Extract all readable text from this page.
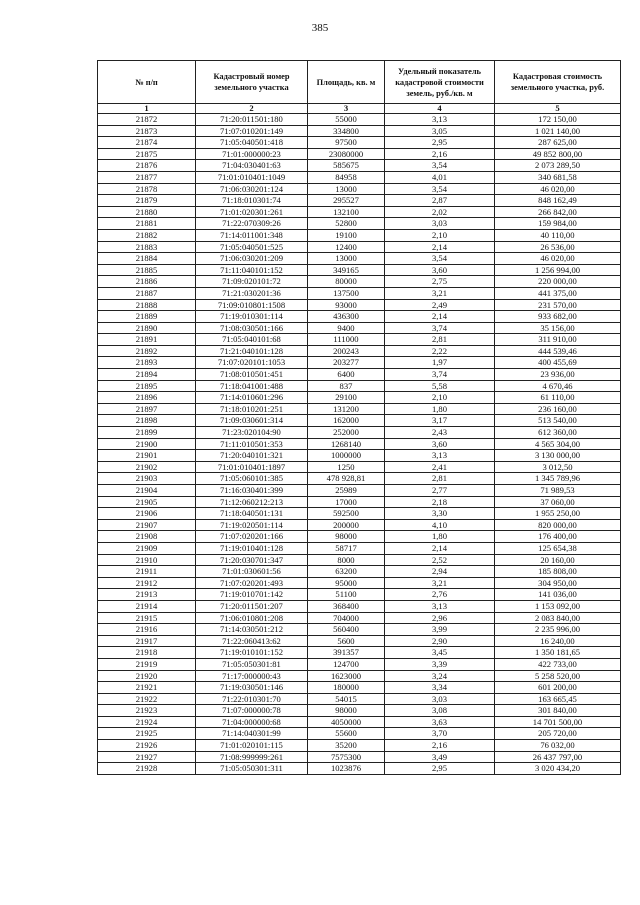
385
№ п/п	Кадастровый номер земельного участка	Площадь, кв. м	Удельный показатель кадастровой стоимости земель, руб./кв. м	Кадастровая стоимость земельного участка, руб.
1	2	3	4	5
21872	71:20:011501:180	55000	3,13	172 150,00
21873	71:07:010201:149	334800	3,05	1 021 140,00
21874	71:05:040501:418	97500	2,95	287 625,00
21875	71:01:000000:23	23080000	2,16	49 852 800,00
21876	71:04:030401:63	585675	3,54	2 073 289,50
21877	71:01:010401:1049	84958	4,01	340 681,58
21878	71:06:030201:124	13000	3,54	46 020,00
21879	71:18:010301:74	295527	2,87	848 162,49
21880	71:01:020301:261	132100	2,02	266 842,00
21881	71:22:070309:26	52800	3,03	159 984,00
21882	71:14:011001:348	19100	2,10	40 110,00
21883	71:05:040501:525	12400	2,14	26 536,00
21884	71:06:030201:209	13000	3,54	46 020,00
21885	71:11:040101:152	349165	3,60	1 256 994,00
21886	71:09:020101:72	80000	2,75	220 000,00
21887	71:21:030201:36	137500	3,21	441 375,00
21888	71:09:010801:1508	93000	2,49	231 570,00
21889	71:19:010301:114	436300	2,14	933 682,00
21890	71:08:030501:166	9400	3,74	35 156,00
21891	71:05:040101:68	111000	2,81	311 910,00
21892	71:21:040101:128	200243	2,22	444 539,46
21893	71:07:020101:1053	203277	1,97	400 455,69
21894	71:08:010501:451	6400	3,74	23 936,00
21895	71:18:041001:488	837	5,58	4 670,46
21896	71:14:010601:296	29100	2,10	61 110,00
21897	71:18:010201:251	131200	1,80	236 160,00
21898	71:09:030601:314	162000	3,17	513 540,00
21899	71:23:020104:90	252000	2,43	612 360,00
21900	71:11:010501:353	1268140	3,60	4 565 304,00
21901	71:20:040101:321	1000000	3,13	3 130 000,00
21902	71:01:010401:1897	1250	2,41	3 012,50
21903	71:05:060101:385	478 928,81	2,81	1 345 789,96
21904	71:16:030401:399	25989	2,77	71 989,53
21905	71:12:060212:213	17000	2,18	37 060,00
21906	71:18:040501:131	592500	3,30	1 955 250,00
21907	71:19:020501:114	200000	4,10	820 000,00
21908	71:07:020201:166	98000	1,80	176 400,00
21909	71:19:010401:128	58717	2,14	125 654,38
21910	71:20:030701:347	8000	2,52	20 160,00
21911	71:01:030601:56	63200	2,94	185 808,00
21912	71:07:020201:493	95000	3,21	304 950,00
21913	71:19:010701:142	51100	2,76	141 036,00
21914	71:20:011501:207	368400	3,13	1 153 092,00
21915	71:06:010801:208	704000	2,96	2 083 840,00
21916	71:14:030501:212	560400	3,99	2 235 996,00
21917	71:22:060413:62	5600	2,90	16 240,00
21918	71:19:010101:152	391357	3,45	1 350 181,65
21919	71:05:050301:81	124700	3,39	422 733,00
21920	71:17:000000:43	1623000	3,24	5 258 520,00
21921	71:19:030501:146	180000	3,34	601 200,00
21922	71:22:010301:70	54015	3,03	163 665,45
21923	71:07:000000:78	98000	3,08	301 840,00
21924	71:04:000000:68	4050000	3,63	14 701 500,00
21925	71:14:040301:99	55600	3,70	205 720,00
21926	71:01:020101:115	35200	2,16	76 032,00
21927	71:08:999999:261	7575300	3,49	26 437 797,00
21928	71:05:050301:311	1023876	2,95	3 020 434,20
